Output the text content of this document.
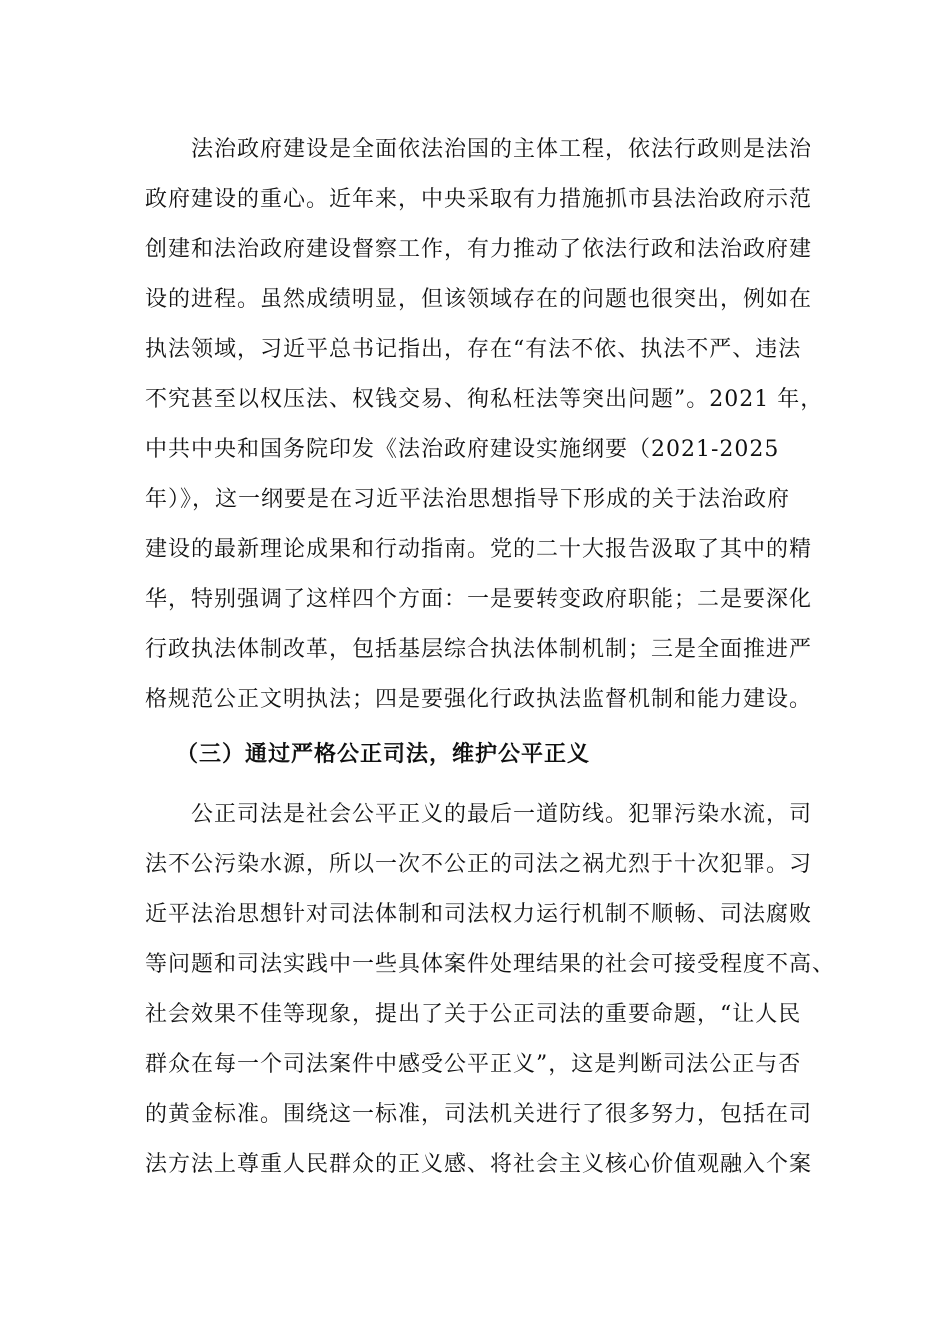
法治政府建设是全面依法治国的主体工程，依法行政则是法治
政府建设的重心。近年来，中央采取有力措施抓市县法治政府示范
创建和法治政府建设督察工作，有力推动了依法行政和法治政府建
设的进程。虽然成绩明显，但该领域存在的问题也很突出，例如在
执法领域，习近平总书记指出，存在“有法不依、执法不严、违法
不究甚至以权压法、权钱交易、徇私枉法等突出问题”。2021 年，
中共中央和国务院印发《法治政府建设实施纲要（2021-2025
年）》，这一纲要是在习近平法治思想指导下形成的关于法治政府
建设的最新理论成果和行动指南。党的二十大报告汲取了其中的精
华，特别强调了这样四个方面：一是要转变政府职能；二是要深化
行政执法体制改革，包括基层综合执法体制机制；三是全面推进严
格规范公正文明执法；四是要强化行政执法监督机制和能力建设。
（三）通过严格公正司法，维护公平正义
公正司法是社会公平正义的最后一道防线。犯罪污染水流，司
法不公污染水源，所以一次不公正的司法之祸尤烈于十次犯罪。习
近平法治思想针对司法体制和司法权力运行机制不顺畅、司法腐败
等问题和司法实践中一些具体案件处理结果的社会可接受程度不高、
社会效果不佳等现象，提出了关于公正司法的重要命题，“让人民
群众在每一个司法案件中感受公平正义”，这是判断司法公正与否
的黄金标准。围绕这一标准，司法机关进行了很多努力，包括在司
法方法上尊重人民群众的正义感、将社会主义核心价值观融入个案
